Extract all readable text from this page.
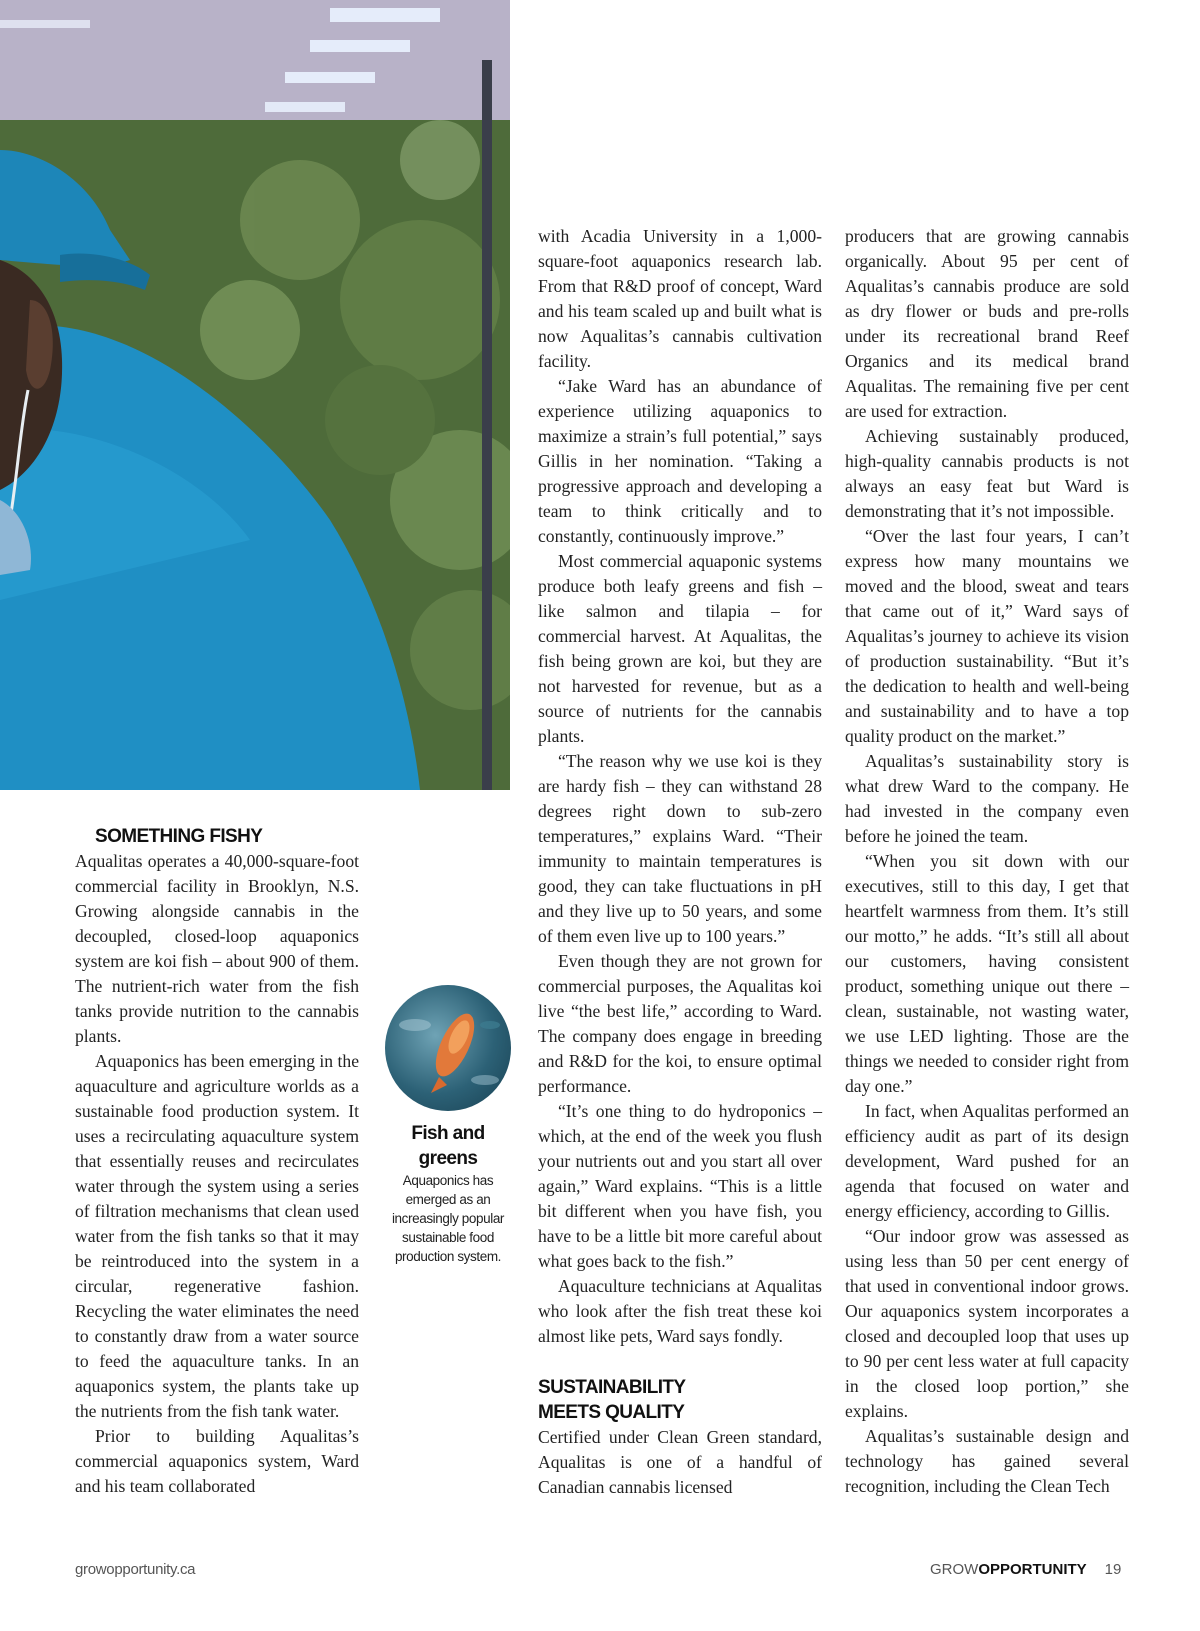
SOMETHING FISHY

Aqualitas operates a 40,000-square-foot commercial facility in Brooklyn, N.S. Growing alongside cannabis in the decoupled, closed-loop aquaponics system are koi fish – about 900 of them. The nutrient-rich water from the fish tanks provide nutrition to the cannabis plants.

Aquaponics has been emerging in the aquaculture and agriculture worlds as a sustainable food production system. It uses a recirculating aquaculture system that essentially reuses and recirculates water through the system using a series of filtration mechanisms that clean used water from the fish tanks so that it may be reintroduced into the system in a circular, regenerative fashion. Recycling the water eliminates the need to constantly draw from a water source to feed the aquaculture tanks. In an aquaponics system, the plants take up the nutrients from the fish tank water.

Prior to building Aqualitas’s commercial aquaponics system, Ward and his team collaborated

Fish and greens
Aquaponics has emerged as an increasingly popular sustainable food production system.

with Acadia University in a 1,000-square-foot aquaponics research lab. From that R&D proof of concept, Ward and his team scaled up and built what is now Aqualitas’s cannabis cultivation facility.

“Jake Ward has an abundance of experience utilizing aquaponics to maximize a strain’s full potential,” says Gillis in her nomination. “Taking a progressive approach and developing a team to think critically and to constantly, continuously improve.”

Most commercial aquaponic systems produce both leafy greens and fish – like salmon and tilapia – for commercial harvest. At Aqualitas, the fish being grown are koi, but they are not harvested for revenue, but as a source of nutrients for the cannabis plants.

“The reason why we use koi is they are hardy fish – they can withstand 28 degrees right down to sub-zero temperatures,” explains Ward. “Their immunity to maintain temperatures is good, they can take fluctuations in pH and they live up to 50 years, and some of them even live up to 100 years.”

Even though they are not grown for commercial purposes, the Aqualitas koi live “the best life,” according to Ward. The company does engage in breeding and R&D for the koi, to ensure optimal performance.

“It’s one thing to do hydroponics – which, at the end of the week you flush your nutrients out and you start all over again,” Ward explains. “This is a little bit different when you have fish, you have to be a little bit more careful about what goes back to the fish.”

Aquaculture technicians at Aqualitas who look after the fish treat these koi almost like pets, Ward says fondly.

SUSTAINABILITY
MEETS QUALITY

Certified under Clean Green standard, Aqualitas is one of a handful of Canadian cannabis licensed

producers that are growing cannabis organically. About 95 per cent of Aqualitas’s cannabis produce are sold as dry flower or buds and pre-rolls under its recreational brand Reef Organics and its medical brand Aqualitas. The remaining five per cent are used for extraction.

Achieving sustainably produced, high-quality cannabis products is not always an easy feat but Ward is demonstrating that it’s not impossible.

“Over the last four years, I can’t express how many mountains we moved and the blood, sweat and tears that came out of it,” Ward says of Aqualitas’s journey to achieve its vision of production sustainability. “But it’s the dedication to health and well-being and sustainability and to have a top quality product on the market.”

Aqualitas’s sustainability story is what drew Ward to the company. He had invested in the company even before he joined the team.

“When you sit down with our executives, still to this day, I get that heartfelt warmness from them. It’s still our motto,” he adds. “It’s still all about our customers, having consistent product, something unique out there – clean, sustainable, not wasting water, we use LED lighting. Those are the things we needed to consider right from day one.”

In fact, when Aqualitas performed an efficiency audit as part of its design development, Ward pushed for an agenda that focused on water and energy efficiency, according to Gillis.

“Our indoor grow was assessed as using less than 50 per cent energy of that used in conventional indoor grows. Our aquaponics system incorporates a closed and decoupled loop that uses up to 90 per cent less water at full capacity in the closed loop portion,” she explains.

Aqualitas’s sustainable design and technology has gained several recognition, including the Clean Tech

growopportunity.ca	GROWOPPORTUNITY 19
